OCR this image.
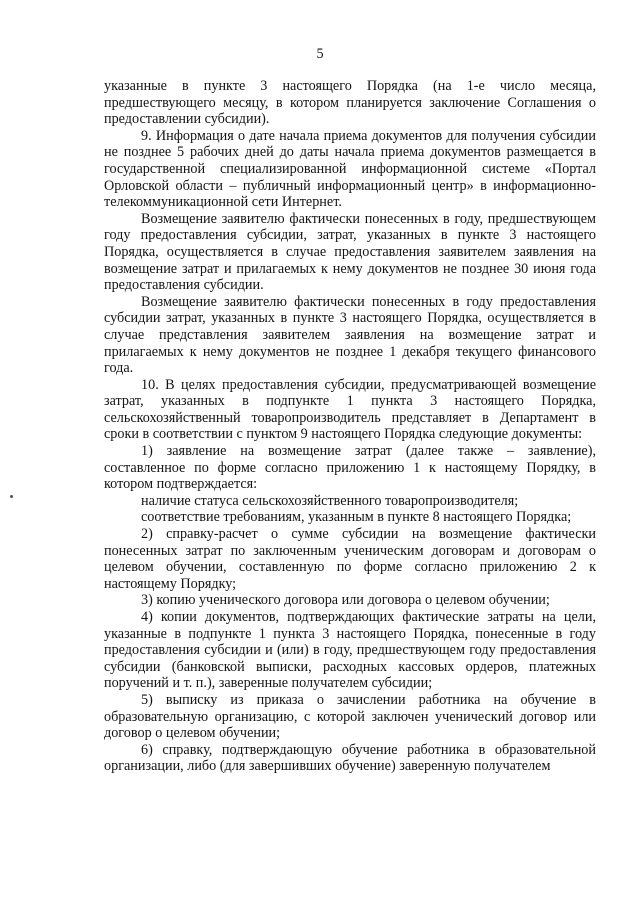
5

указанные в пункте 3 настоящего Порядка (на 1-е число месяца, предшествующего месяцу, в котором планируется заключение Соглашения о предоставлении субсидии).

9. Информация о дате начала приема документов для получения субсидии не позднее 5 рабочих дней до даты начала приема документов размещается в государственной специализированной информационной системе «Портал Орловской области – публичный информационный центр» в информационно-телекоммуникационной сети Интернет.

Возмещение заявителю фактически понесенных в году, предшествующем году предоставления субсидии, затрат, указанных в пункте 3 настоящего Порядка, осуществляется в случае предоставления заявителем заявления на возмещение затрат и прилагаемых к нему документов не позднее 30 июня года предоставления субсидии.

Возмещение заявителю фактически понесенных в году предоставления субсидии затрат, указанных в пункте 3 настоящего Порядка, осуществляется в случае представления заявителем заявления на возмещение затрат и прилагаемых к нему документов не позднее 1 декабря текущего финансового года.

10. В целях предоставления субсидии, предусматривающей возмещение затрат, указанных в подпункте 1 пункта 3 настоящего Порядка, сельскохозяйственный товаропроизводитель представляет в Департамент в сроки в соответствии с пунктом 9 настоящего Порядка следующие документы:

1) заявление на возмещение затрат (далее также – заявление), составленное по форме согласно приложению 1 к настоящему Порядку, в котором подтверждается:

наличие статуса сельскохозяйственного товаропроизводителя;

соответствие требованиям, указанным в пункте 8 настоящего Порядка;

2) справку-расчет о сумме субсидии на возмещение фактически понесенных затрат по заключенным ученическим договорам и договорам о целевом обучении, составленную по форме согласно приложению 2 к настоящему Порядку;

3) копию ученического договора или договора о целевом обучении;

4) копии документов, подтверждающих фактические затраты на цели, указанные в подпункте 1 пункта 3 настоящего Порядка, понесенные в году предоставления субсидии и (или) в году, предшествующем году предоставления субсидии (банковской выписки, расходных кассовых ордеров, платежных поручений и т. п.), заверенные получателем субсидии;

5) выписку из приказа о зачислении работника на обучение в образовательную организацию, с которой заключен ученический договор или договор о целевом обучении;

6) справку, подтверждающую обучение работника в образовательной организации, либо (для завершивших обучение) заверенную получателем
